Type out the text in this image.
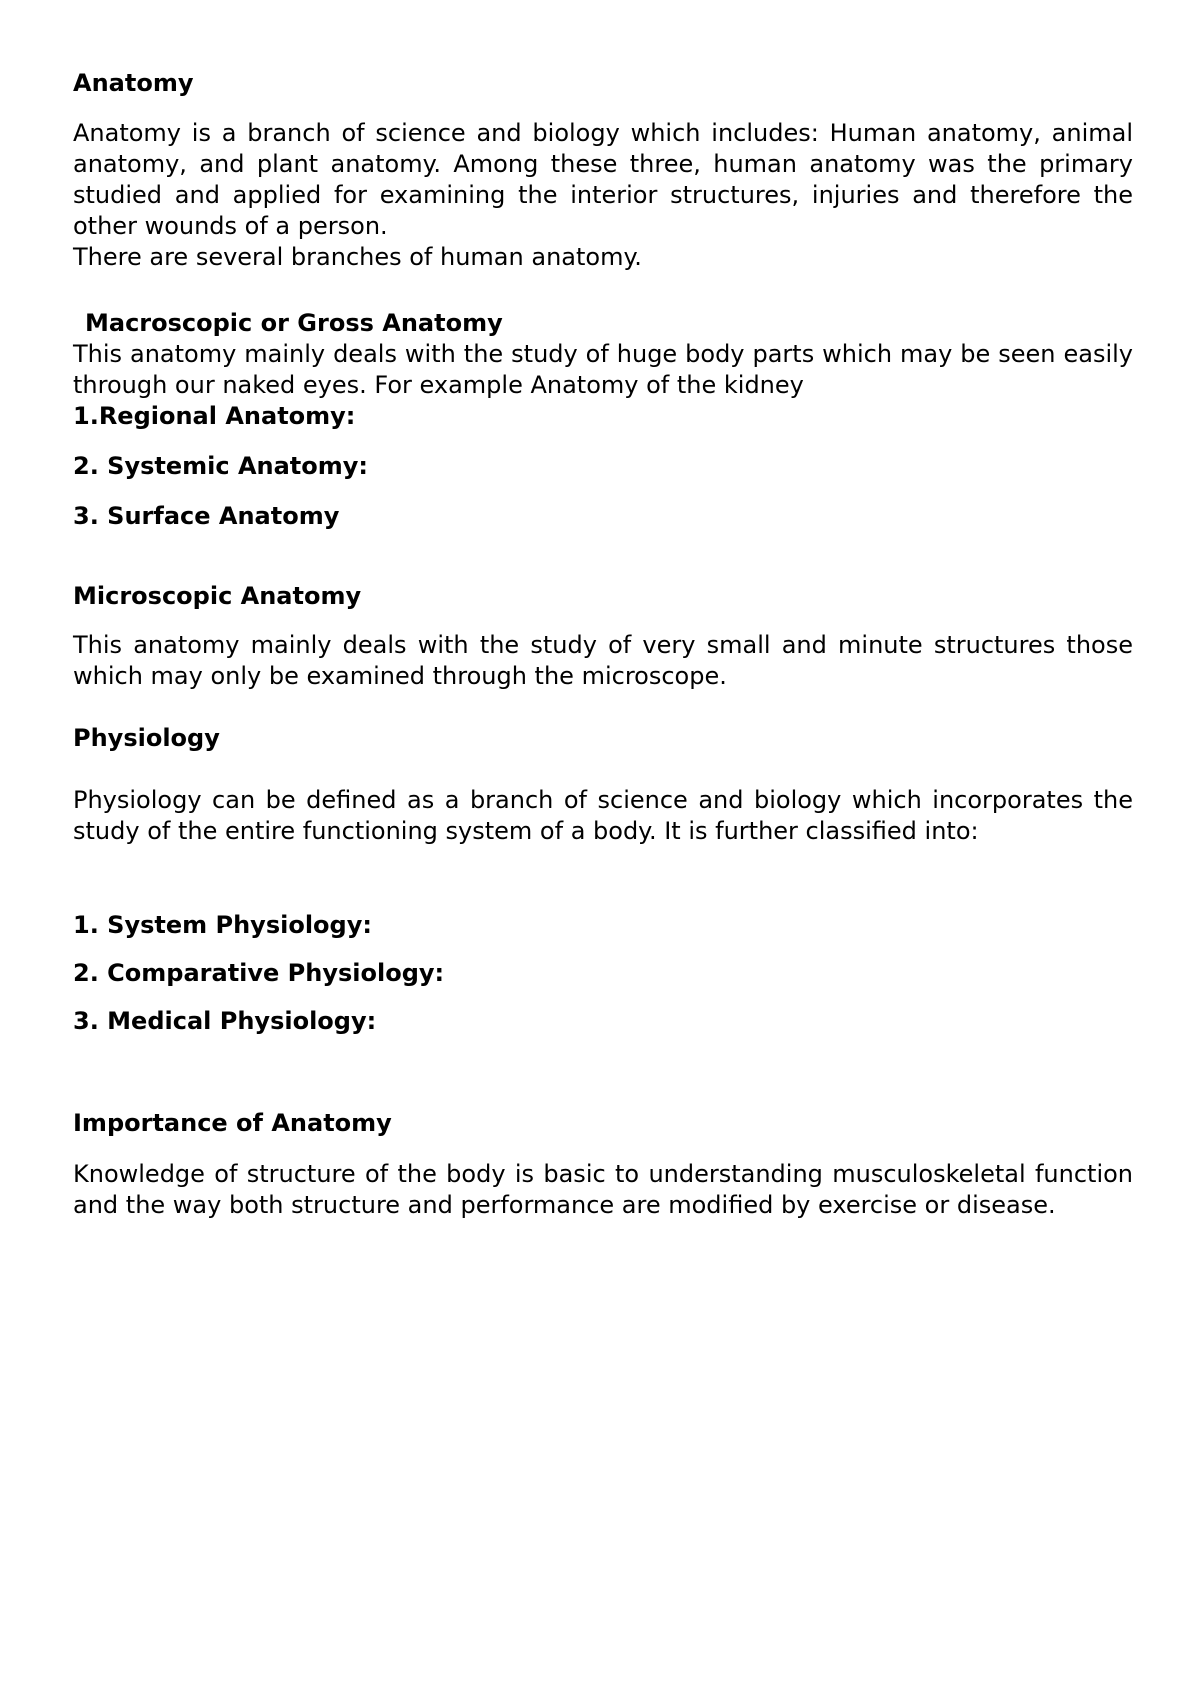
Anatomy

Anatomy is a branch of science and biology which includes: Human anatomy, animal anatomy, and plant anatomy. Among these three, human anatomy was the primary studied and applied for examining the interior structures, injuries and therefore the other wounds of a person.

There are several branches of human anatomy.

Macroscopic or Gross Anatomy

This anatomy mainly deals with the study of huge body parts which may be seen easily through our naked eyes. For example Anatomy of the kidney

1.Regional Anatomy:
2. Systemic Anatomy:
3. Surface Anatomy
Microscopic Anatomy

This anatomy mainly deals with the study of very small and minute structures those which may only be examined through the microscope.

Physiology

Physiology can be defined as a branch of science and biology which incorporates the study of the entire functioning system of a body. It is further classified into:

1. System Physiology:
2. Comparative Physiology:
3. Medical Physiology:
Importance of Anatomy

Knowledge of structure of the body is basic to understanding musculoskeletal function and the way both structure and performance are modified by exercise or disease.
